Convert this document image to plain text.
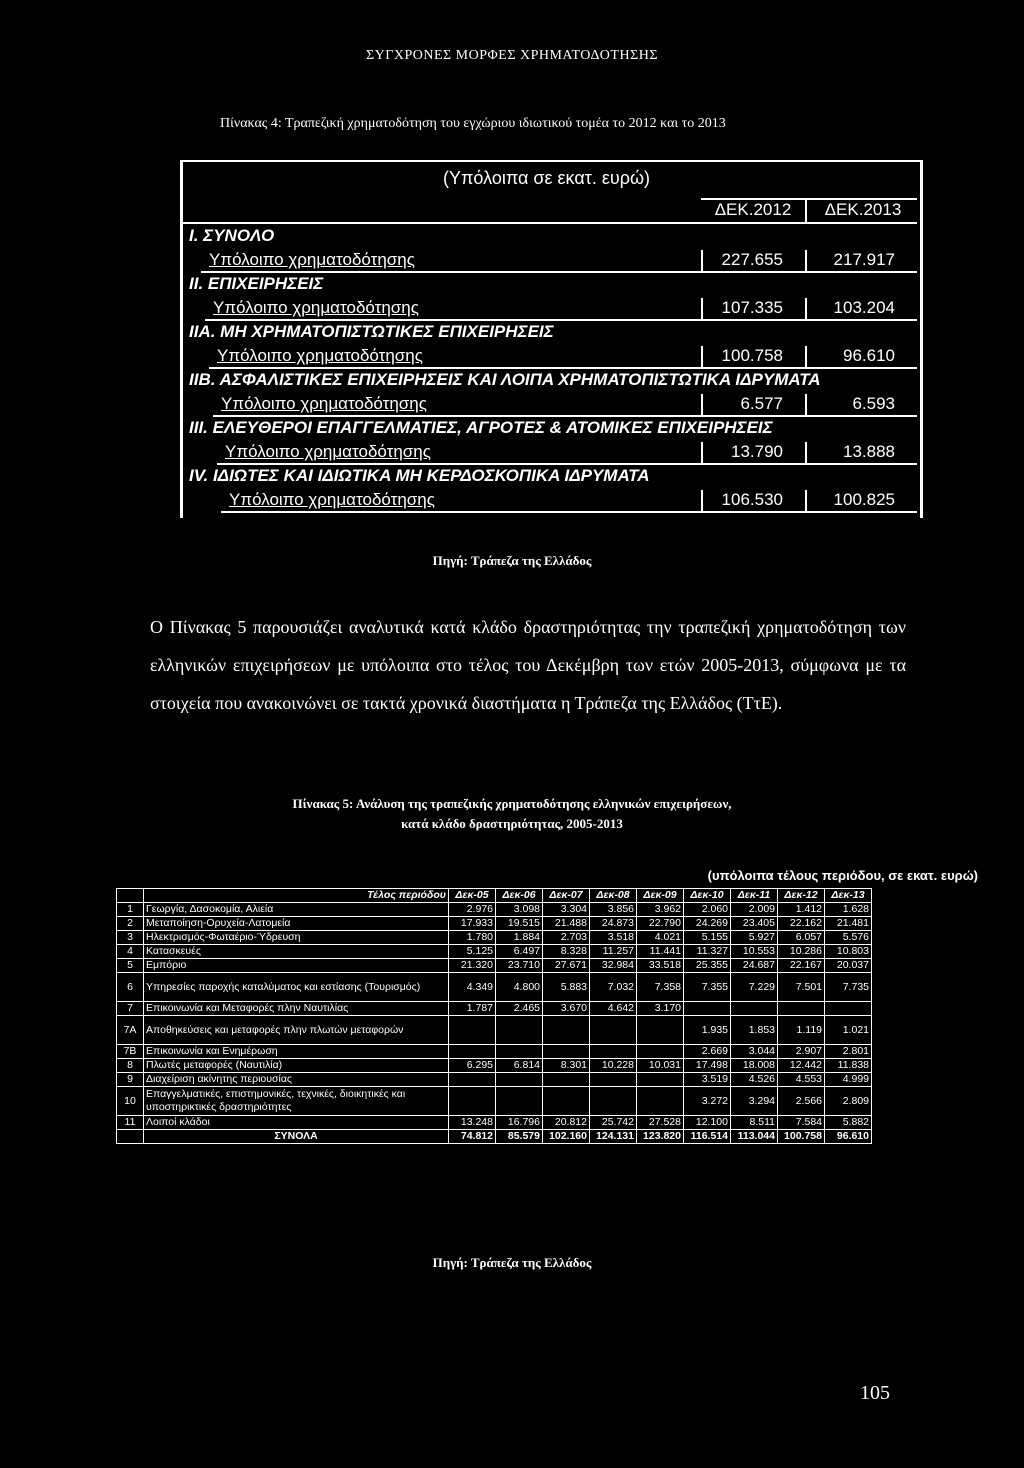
ΣΥΓΧΡΟΝΕΣ ΜΟΡΦΕΣ ΧΡΗΜΑΤΟΔΟΤΗΣΗΣ
Πίνακας 4: Τραπεζική χρηματοδότηση του εγχώριου ιδιωτικού τομέα το 2012 και το 2013
(Υπόλοιπα σε εκατ. ευρώ)
ΔΕΚ.2012	ΔΕΚ.2013
Ι. ΣΥΝΟΛΟ
Υπόλοιπο χρηματοδότησης	227.655	217.917
ΙΙ. ΕΠΙΧΕΙΡΗΣΕΙΣ
Υπόλοιπο χρηματοδότησης	107.335	103.204
ΙΙΑ. ΜΗ ΧΡΗΜΑΤΟΠΙΣΤΩΤΙΚΕΣ ΕΠΙΧΕΙΡΗΣΕΙΣ
Υπόλοιπο χρηματοδότησης	100.758	96.610
ΙΙΒ. ΑΣΦΑΛΙΣΤΙΚΕΣ ΕΠΙΧΕΙΡΗΣΕΙΣ ΚΑΙ ΛΟΙΠΑ ΧΡΗΜΑΤΟΠΙΣΤΩΤΙΚΑ ΙΔΡΥΜΑΤΑ
Υπόλοιπο χρηματοδότησης	6.577	6.593
ΙΙΙ. ΕΛΕΥΘΕΡΟΙ ΕΠΑΓΓΕΛΜΑΤΙΕΣ, ΑΓΡΟΤΕΣ & ΑΤΟΜΙΚΕΣ ΕΠΙΧΕΙΡΗΣΕΙΣ
Υπόλοιπο χρηματοδότησης	13.790	13.888
ΙV. ΙΔΙΩΤΕΣ ΚΑΙ ΙΔΙΩΤΙΚΑ ΜΗ ΚΕΡΔΟΣΚΟΠΙΚΑ ΙΔΡΥΜΑΤΑ
Υπόλοιπο χρηματοδότησης	106.530	100.825
Πηγή: Τράπεζα της Ελλάδος
Ο Πίνακας 5 παρουσιάζει αναλυτικά κατά κλάδο δραστηριότητας την τραπεζική χρηματοδότηση των ελληνικών επιχειρήσεων με υπόλοιπα στο τέλος του Δεκέμβρη των ετών 2005-2013, σύμφωνα με τα στοιχεία που ανακοινώνει σε τακτά χρονικά διαστήματα η Τράπεζα της Ελλάδος (ΤτΕ).
Πίνακας 5: Ανάλυση της τραπεζικής χρηματοδότησης ελληνικών επιχειρήσεων,
κατά κλάδο δραστηριότητας, 2005-2013
(υπόλοιπα τέλους περιόδου, σε εκατ. ευρώ)
	Τέλος περιόδου	Δεκ-05	Δεκ-06	Δεκ-07	Δεκ-08	Δεκ-09	Δεκ-10	Δεκ-11	Δεκ-12	Δεκ-13
1	Γεωργία, Δασοκομία, Αλιεία	2.976	3.098	3.304	3.856	3.962	2.060	2.009	1.412	1.628
2	Μεταποίηση-Ορυχεία-Λατομεία	17.933	19.515	21.488	24.873	22.790	24.269	23.405	22.162	21.481
3	Ηλεκτρισμός-Φωταέριο-Ύδρευση	1.780	1.884	2.703	3.518	4.021	5.155	5.927	6.057	5.576
4	Κατασκευές	5.125	6.497	8.328	11.257	11.441	11.327	10.553	10.286	10.803
5	Εμπόριο	21.320	23.710	27.671	32.984	33.518	25.355	24.687	22.167	20.037
6	Υπηρεσίες παροχής καταλύματος και εστίασης (Τουρισμός)	4.349	4.800	5.883	7.032	7.358	7.355	7.229	7.501	7.735
7	Επικοινωνία και Μεταφορές πλην Ναυτιλίας	1.787	2.465	3.670	4.642	3.170				
7Α	Αποθηκεύσεις και μεταφορές πλην πλωτών μεταφορών						1.935	1.853	1.119	1.021
7Β	Επικοινωνία και Ενημέρωση						2.669	3.044	2.907	2.801
8	Πλωτές μεταφορές (Ναυτιλία)	6.295	6.814	8.301	10.228	10.031	17.498	18.008	12.442	11.838
9	Διαχείριση ακίνητης περιουσίας						3.519	4.526	4.553	4.999
10	Επαγγελματικές, επιστημονικές, τεχνικές, διοικητικές και υποστηρικτικές δραστηριότητες						3.272	3.294	2.566	2.809
11	Λοιποί κλάδοι	13.248	16.796	20.812	25.742	27.528	12.100	8.511	7.584	5.882
	ΣΥΝΟΛΑ	74.812	85.579	102.160	124.131	123.820	116.514	113.044	100.758	96.610
Πηγή: Τράπεζα της Ελλάδος
105
